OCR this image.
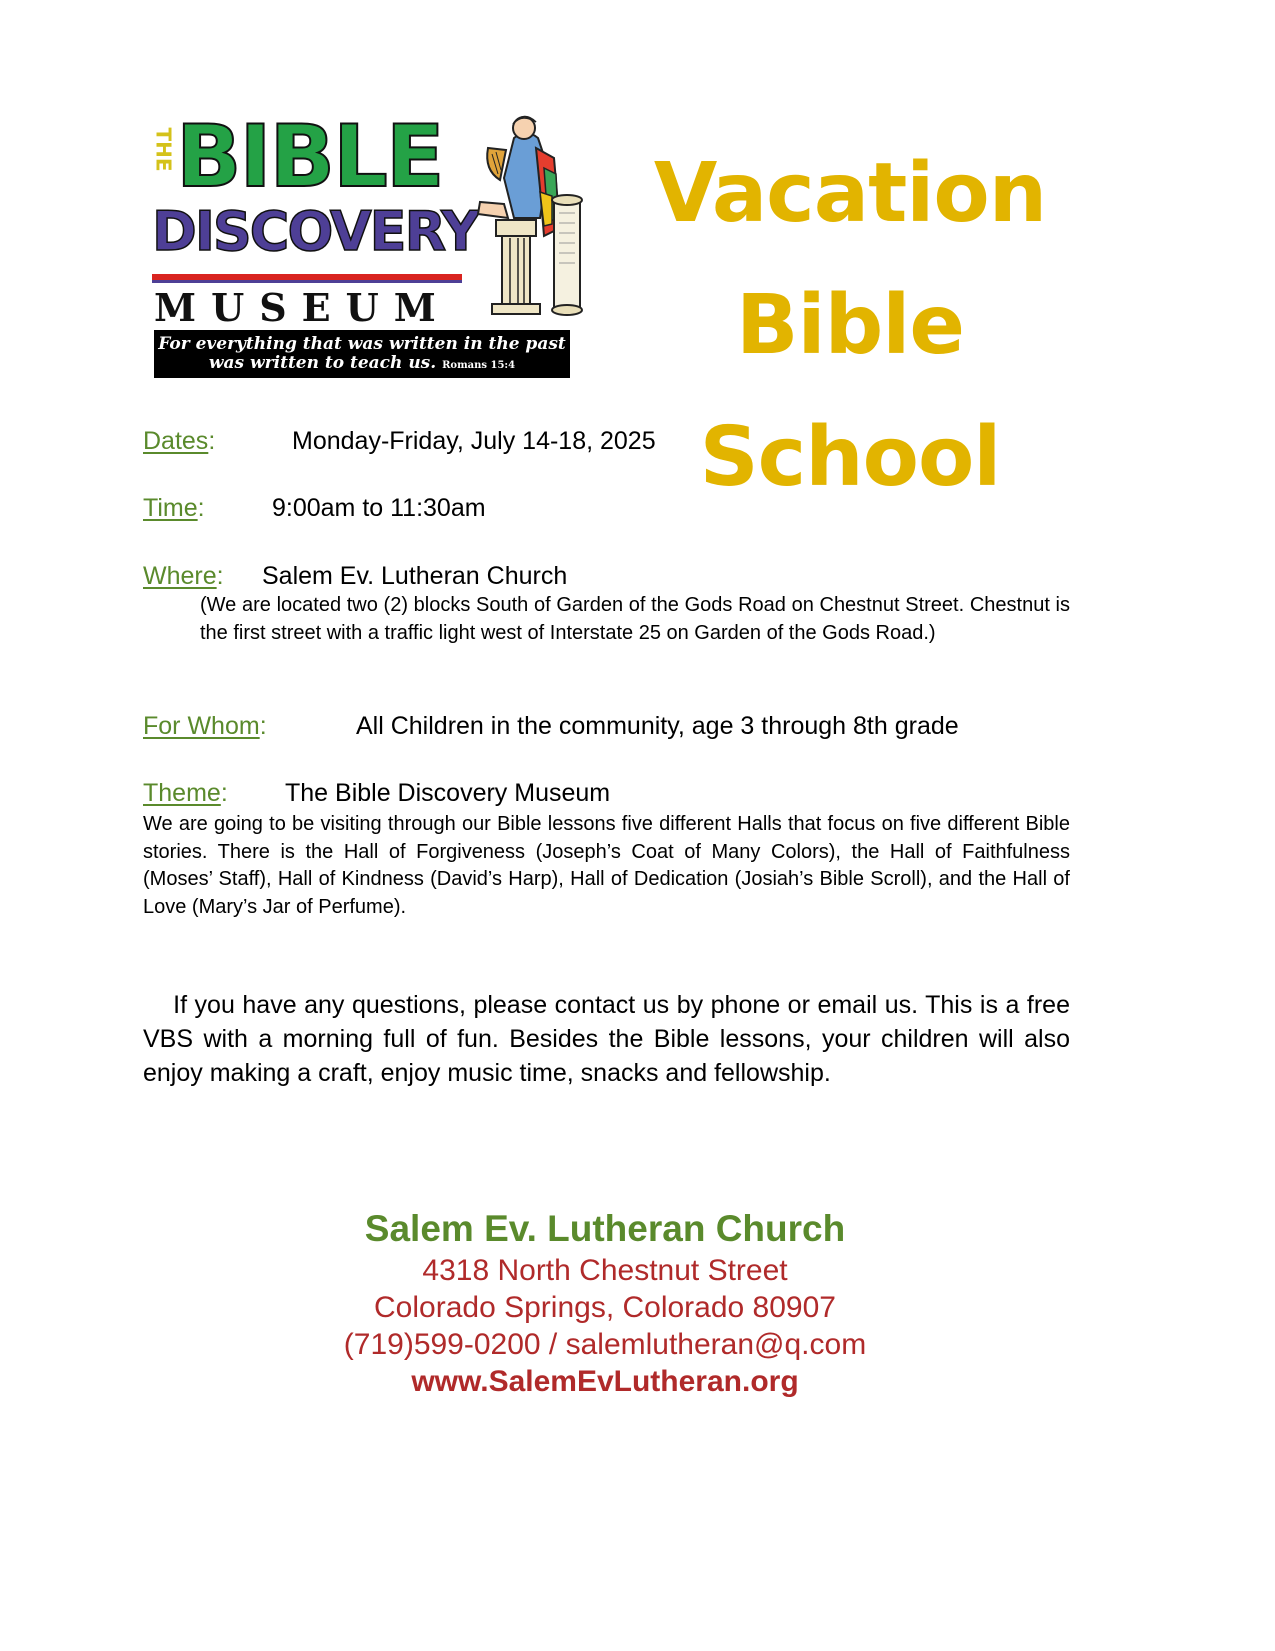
THE BIBLE
DISCOVERY
MUSEUM
For everything that was written in the past
was written to teach us. Romans 15:4
Vacation
Bible School
Dates:	Monday-Friday, July 14-18, 2025
Time:	9:00am to 11:30am
Where: Salem Ev. Lutheran Church
(We are located two (2) blocks South of Garden of the Gods Road on Chestnut Street. Chestnut is the first street with a traffic light west of Interstate 25 on Garden of the Gods Road.)
For Whom:	All Children in the community, age 3 through 8th grade
Theme: The Bible Discovery Museum
We are going to be visiting through our Bible lessons five different Halls that focus on five different Bible stories. There is the Hall of Forgiveness (Joseph’s Coat of Many Colors), the Hall of Faithfulness (Moses’ Staff), Hall of Kindness (David’s Harp), Hall of Dedication (Josiah’s Bible Scroll), and the Hall of Love (Mary’s Jar of Perfume).
If you have any questions, please contact us by phone or email us. This is a free VBS with a morning full of fun. Besides the Bible lessons, your children will also enjoy making a craft, enjoy music time, snacks and fellowship.
Salem Ev. Lutheran Church
4318 North Chestnut Street
Colorado Springs, Colorado 80907
(719)599-0200 / salemlutheran@q.com
www.SalemEvLutheran.org
